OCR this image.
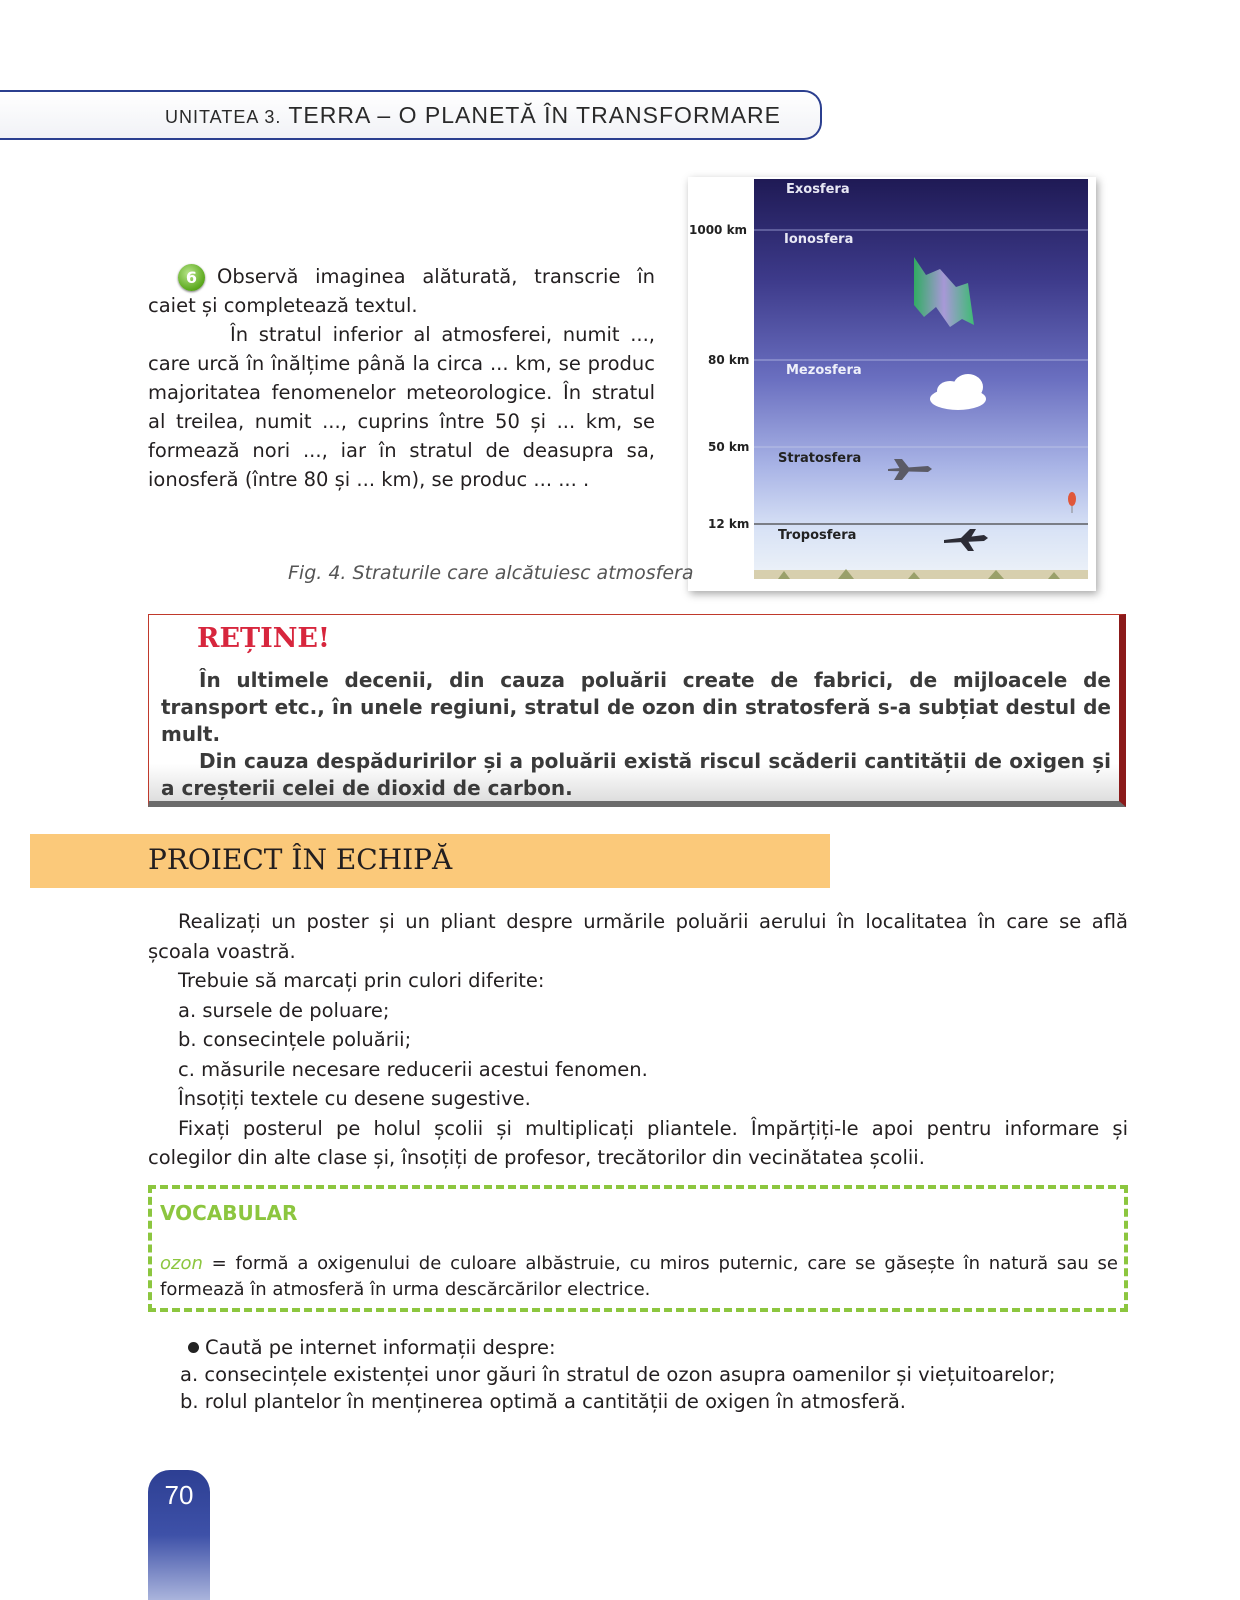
UNITATEA 3. TERRA – O PLANETĂ ÎN TRANSFORMARE

6 Observă imaginea alăturată, transcrie în caiet și completează textul.

În stratul inferior al atmosferei, numit ..., care urcă în înălțime până la circa ... km, se produc majoritatea fenomenelor meteorologice. În stratul al treilea, numit ..., cuprins între 50 și ... km, se formează nori ..., iar în stratul de deasupra sa, ionosferă (între 80 și ... km), se produc ... ... .

Exosfera
Ionosfera
Mezosfera
Stratosfera
Troposfera
1000 km
80 km
50 km
12 km
Fig. 4. Straturile care alcătuiesc atmosfera
REȚINE!

În ultimele decenii, din cauza poluării create de fabrici, de mijloacele de transport etc., în unele regiuni, stratul de ozon din stratosferă s-a subțiat destul de mult.

Din cauza despăduririlor și a poluării există riscul scăderii cantității de oxigen și a creșterii celei de dioxid de carbon.

PROIECT ÎN ECHIPĂ

Realizați un poster și un pliant despre urmările poluării aerului în localitatea în care se află școala voastră.

Trebuie să marcați prin culori diferite:

a. sursele de poluare;

b. consecințele poluării;

c. măsurile necesare reducerii acestui fenomen.

Însoțiți textele cu desene sugestive.

Fixați posterul pe holul școlii și multiplicați pliantele. Împărțiți-le apoi pentru informare și colegilor din alte clase și, însoțiți de profesor, trecătorilor din vecinătatea școlii.

VOCABULAR
ozon = formă a oxigenului de culoare albăstruie, cu miros puternic, care se găsește în natură sau se formează în atmosferă în urma descărcărilor electrice.

Caută pe internet informații despre:

a. consecințele existenței unor găuri în stratul de ozon asupra oamenilor și viețuitoarelor;

b. rolul plantelor în menținerea optimă a cantității de oxigen în atmosferă.

70
